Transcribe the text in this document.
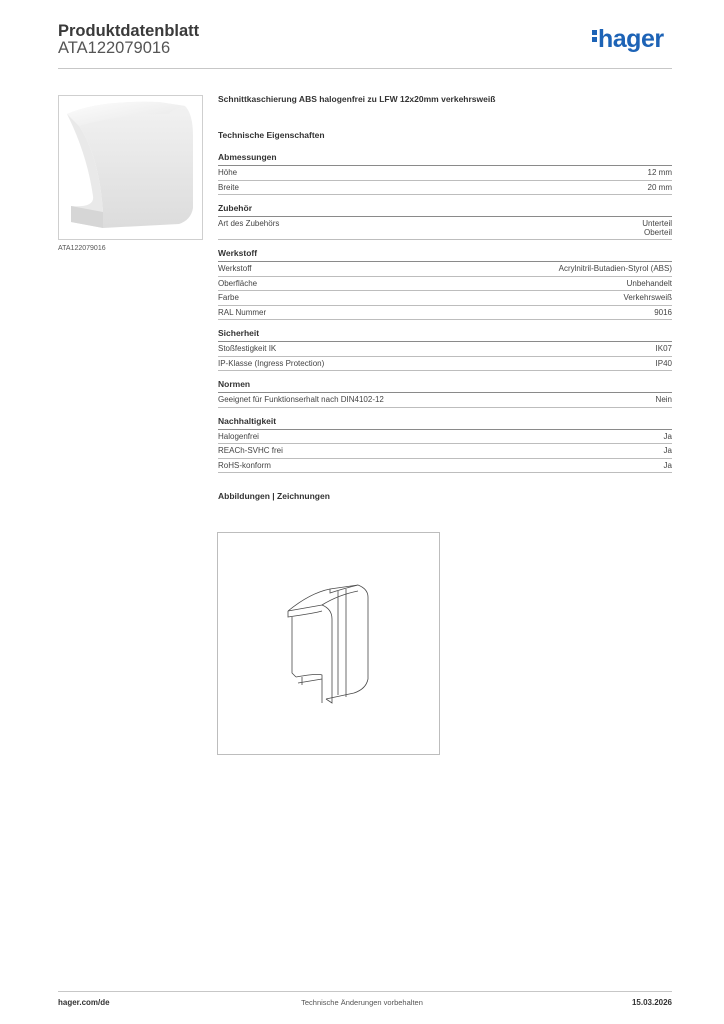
Produktdatenblatt
ATA122079016	hager
ATA122079016
Schnittkaschierung ABS halogenfrei zu LFW 12x20mm verkehrsweiß
Technische Eigenschaften
Abmessungen
Höhe	12 mm
Breite	20 mm
Zubehör
Art des Zubehörs	Unterteil
Oberteil
Werkstoff
Werkstoff	Acrylnitril-Butadien-Styrol (ABS)
Oberfläche	Unbehandelt
Farbe	Verkehrsweiß
RAL Nummer	9016
Sicherheit
Stoßfestigkeit IK	IK07
IP-Klasse (Ingress Protection)	IP40
Normen
Geeignet für Funktionserhalt nach DIN4102-12	Nein
Nachhaltigkeit
Halogenfrei	Ja
REACh-SVHC frei	Ja
RoHS-konform	Ja
Abbildungen | Zeichnungen
hager.com/de	Technische Änderungen vorbehalten	15.03.2026
